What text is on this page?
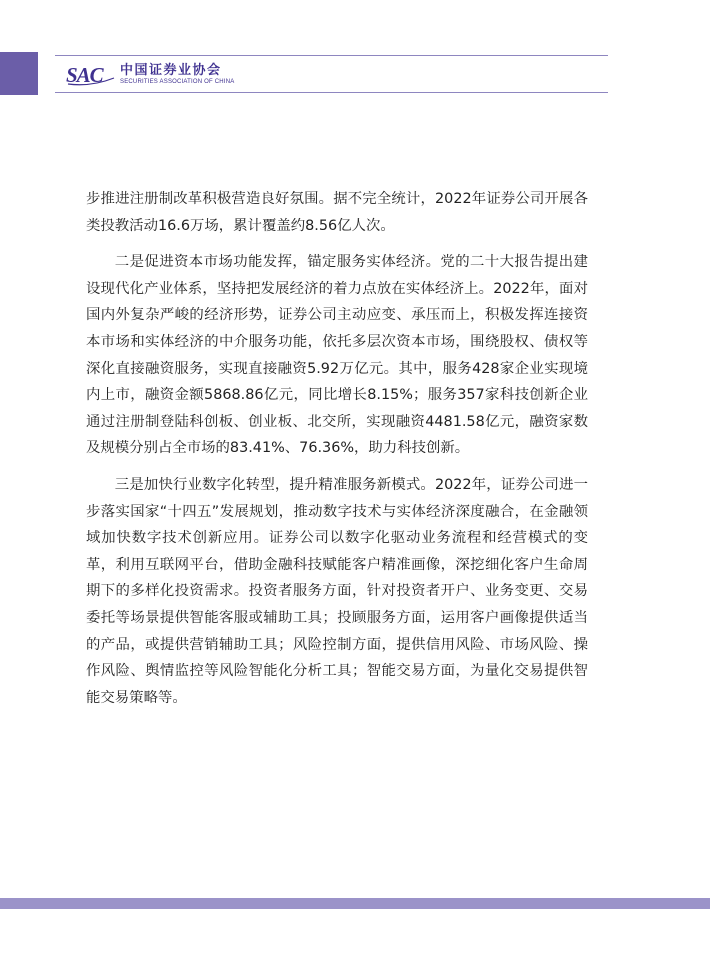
SAC 中国证券业协会
SECURITIES ASSOCIATION OF CHINA

步推进注册制改革积极营造良好氛围。据不完全统计，2022年证券公司开展各类投教活动16.6万场，累计覆盖约8.56亿人次。

二是促进资本市场功能发挥，锚定服务实体经济。党的二十大报告提出建设现代化产业体系，坚持把发展经济的着力点放在实体经济上。2022年，面对国内外复杂严峻的经济形势，证券公司主动应变、承压而上，积极发挥连接资本市场和实体经济的中介服务功能，依托多层次资本市场，围绕股权、债权等深化直接融资服务，实现直接融资5.92万亿元。其中，服务428家企业实现境内上市，融资金额5868.86亿元，同比增长8.15%；服务357家科技创新企业通过注册制登陆科创板、创业板、北交所，实现融资4481.58亿元，融资家数及规模分别占全市场的83.41%、76.36%，助力科技创新。

三是加快行业数字化转型，提升精准服务新模式。2022年，证券公司进一步落实国家“十四五”发展规划，推动数字技术与实体经济深度融合，在金融领域加快数字技术创新应用。证券公司以数字化驱动业务流程和经营模式的变革，利用互联网平台，借助金融科技赋能客户精准画像，深挖细化客户生命周期下的多样化投资需求。投资者服务方面，针对投资者开户、业务变更、交易委托等场景提供智能客服或辅助工具；投顾服务方面，运用客户画像提供适当的产品，或提供营销辅助工具；风险控制方面，提供信用风险、市场风险、操作风险、舆情监控等风险智能化分析工具；智能交易方面，为量化交易提供智能交易策略等。
